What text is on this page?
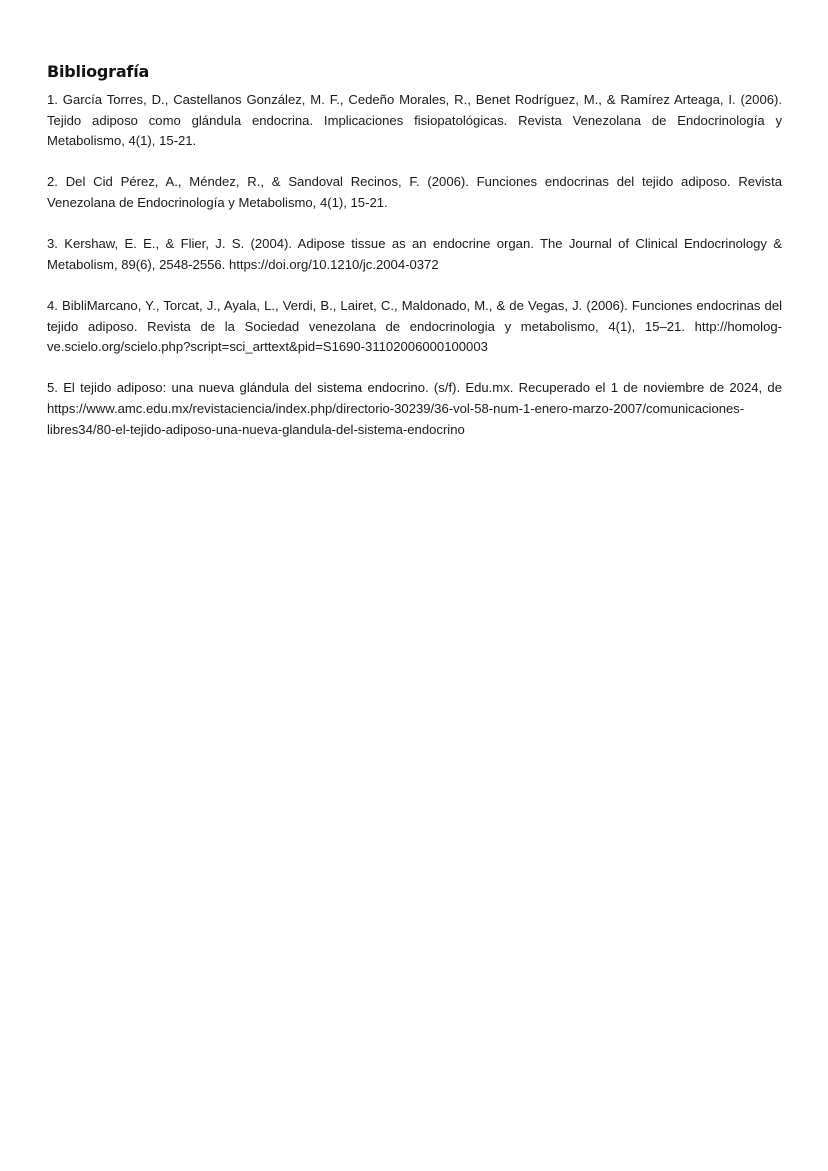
Bibliografía
1. García Torres, D., Castellanos González, M. F., Cedeño Morales, R., Benet Rodríguez, M., & Ramírez Arteaga, I. (2006). Tejido adiposo como glándula endocrina. Implicaciones fisiopatológicas. Revista Venezolana de Endocrinología y Metabolismo, 4(1), 15-21.
2. Del Cid Pérez, A., Méndez, R., & Sandoval Recinos, F. (2006). Funciones endocrinas del tejido adiposo. Revista Venezolana de Endocrinología y Metabolismo, 4(1), 15-21.
3. Kershaw, E. E., & Flier, J. S. (2004). Adipose tissue as an endocrine organ. The Journal of Clinical Endocrinology & Metabolism, 89(6), 2548-2556. https://doi.org/10.1210/jc.2004-0372
4. BibliMarcano, Y., Torcat, J., Ayala, L., Verdi, B., Lairet, C., Maldonado, M., & de Vegas, J. (2006). Funciones endocrinas del tejido adiposo. Revista de la Sociedad venezolana de endocrinologia y metabolismo, 4(1), 15–21. http://homolog-ve.scielo.org/scielo.php?script=sci_arttext&pid=S1690-31102006000100003
5. El tejido adiposo: una nueva glándula del sistema endocrino. (s/f). Edu.mx. Recuperado el 1 de noviembre de 2024, de https://www.amc.edu.mx/revistaciencia/index.php/directorio-30239/36-vol-58-num-1-enero-marzo-2007/comunicaciones-libres34/80-el-tejido-adiposo-una-nueva-glandula-del-sistema-endocrino
